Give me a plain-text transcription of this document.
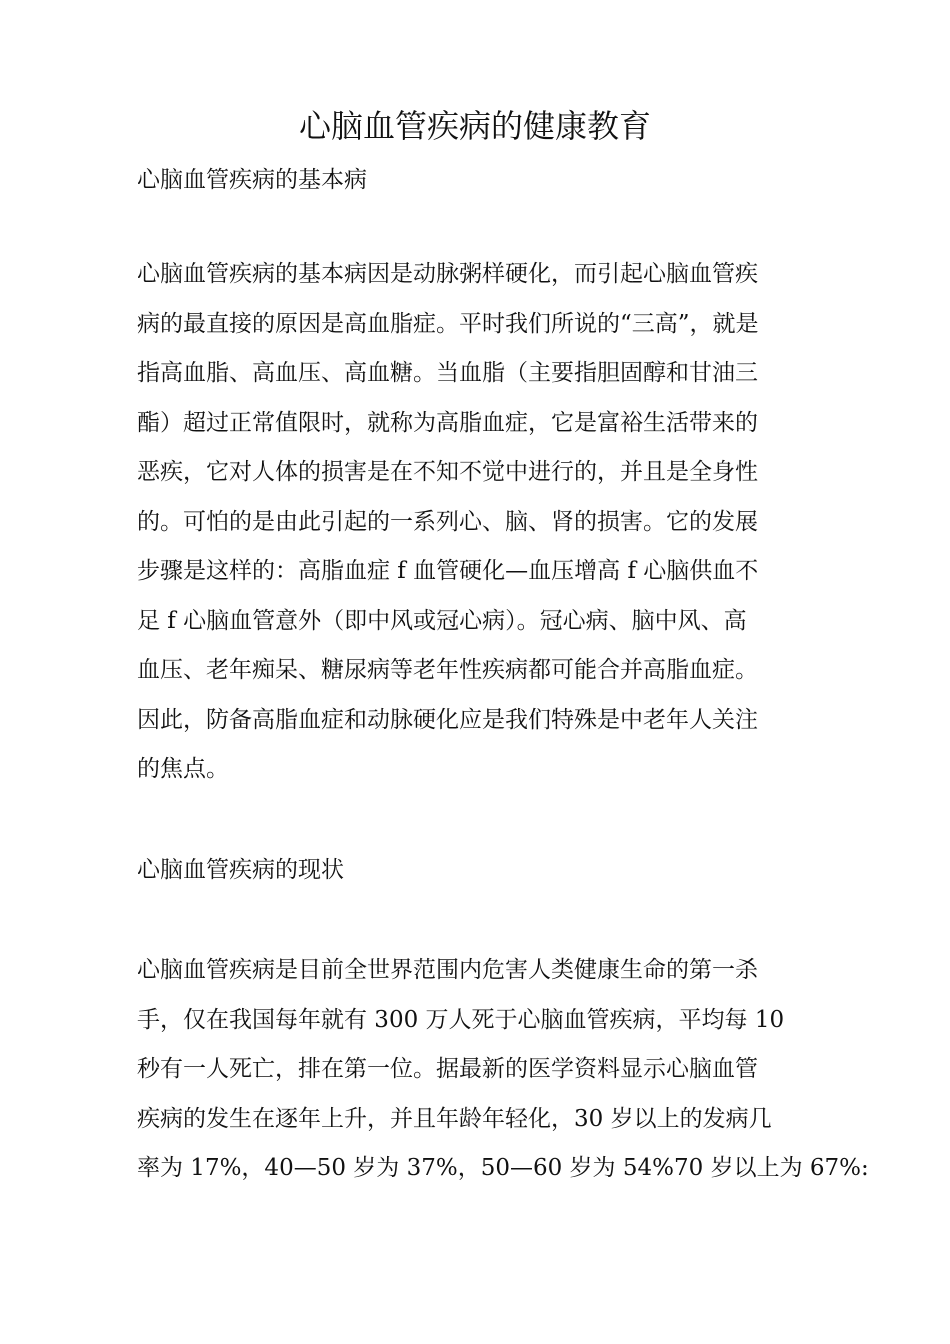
心脑血管疾病的健康教育
心脑血管疾病的基本病
心脑血管疾病的基本病因是动脉粥样硬化，而引起心脑血管疾
病的最直接的原因是高血脂症。平时我们所说的“三高”，就是
指高血脂、高血压、高血糖。当血脂（主要指胆固醇和甘油三
酯）超过正常值限时，就称为高脂血症，它是富裕生活带来的
恶疾，它对人体的损害是在不知不觉中进行的，并且是全身性
的。可怕的是由此引起的一系列心、脑、肾的损害。它的发展
步骤是这样的：高脂血症 f 血管硬化—血压增高 f 心脑供血不
足 f 心脑血管意外（即中风或冠心病）。冠心病、脑中风、高
血压、老年痴呆、糖尿病等老年性疾病都可能合并高脂血症。
因此，防备高脂血症和动脉硬化应是我们特殊是中老年人关注
的焦点。
心脑血管疾病的现状
心脑血管疾病是目前全世界范围内危害人类健康生命的第一杀
手，仅在我国每年就有 300 万人死于心脑血管疾病，平均每 10
秒有一人死亡，排在第一位。据最新的医学资料显示心脑血管
疾病的发生在逐年上升，并且年龄年轻化，30 岁以上的发病几
率为 17%，40—50 岁为 37%，50—60 岁为 54%70 岁以上为 67%:
